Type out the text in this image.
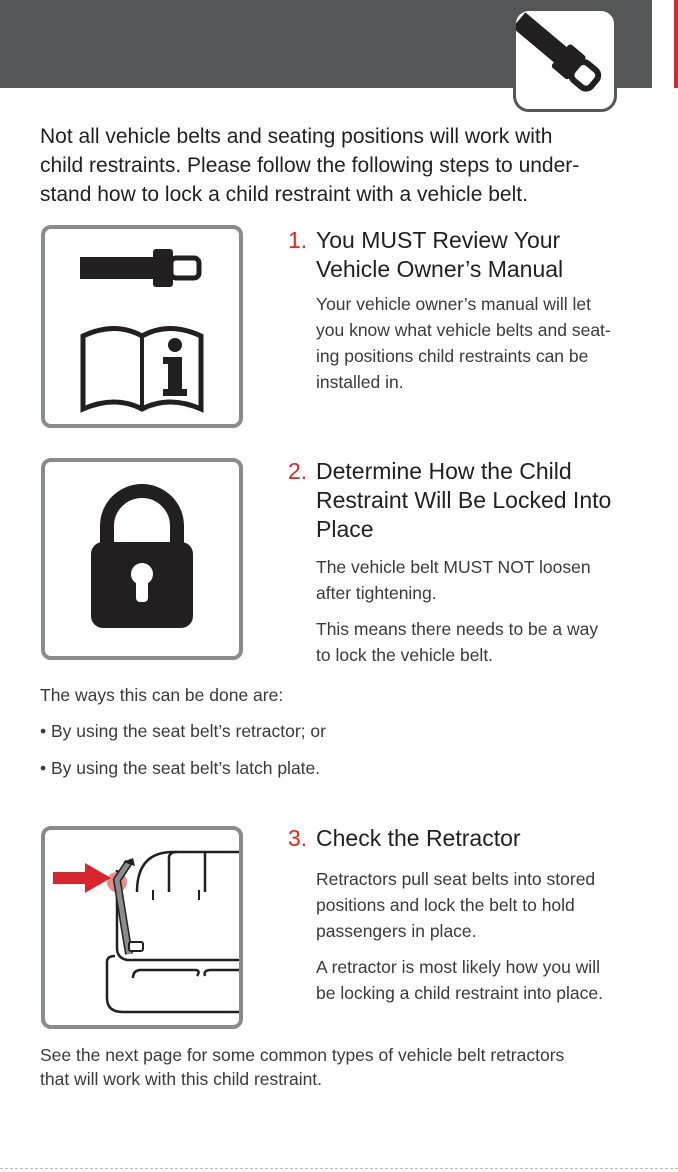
Not all vehicle belts and seating positions will work with
child restraints. Please follow the following steps to under-
stand how to lock a child restraint with a vehicle belt.
1. You MUST Review Your
Vehicle Owner’s Manual
Your vehicle owner’s manual will let
you know what vehicle belts and seat-
ing positions child restraints can be
installed in.
2. Determine How the Child
Restraint Will Be Locked Into
Place

The vehicle belt MUST NOT loosen
after tightening.

This means there needs to be a way
to lock the vehicle belt.

The ways this can be done are:
• By using the seat belt’s retractor; or
• By using the seat belt’s latch plate.
3. Check the Retractor

Retractors pull seat belts into stored
positions and lock the belt to hold
passengers in place.

A retractor is most likely how you will
be locking a child restraint into place.

See the next page for some common types of vehicle belt retractors
that will work with this child restraint.
